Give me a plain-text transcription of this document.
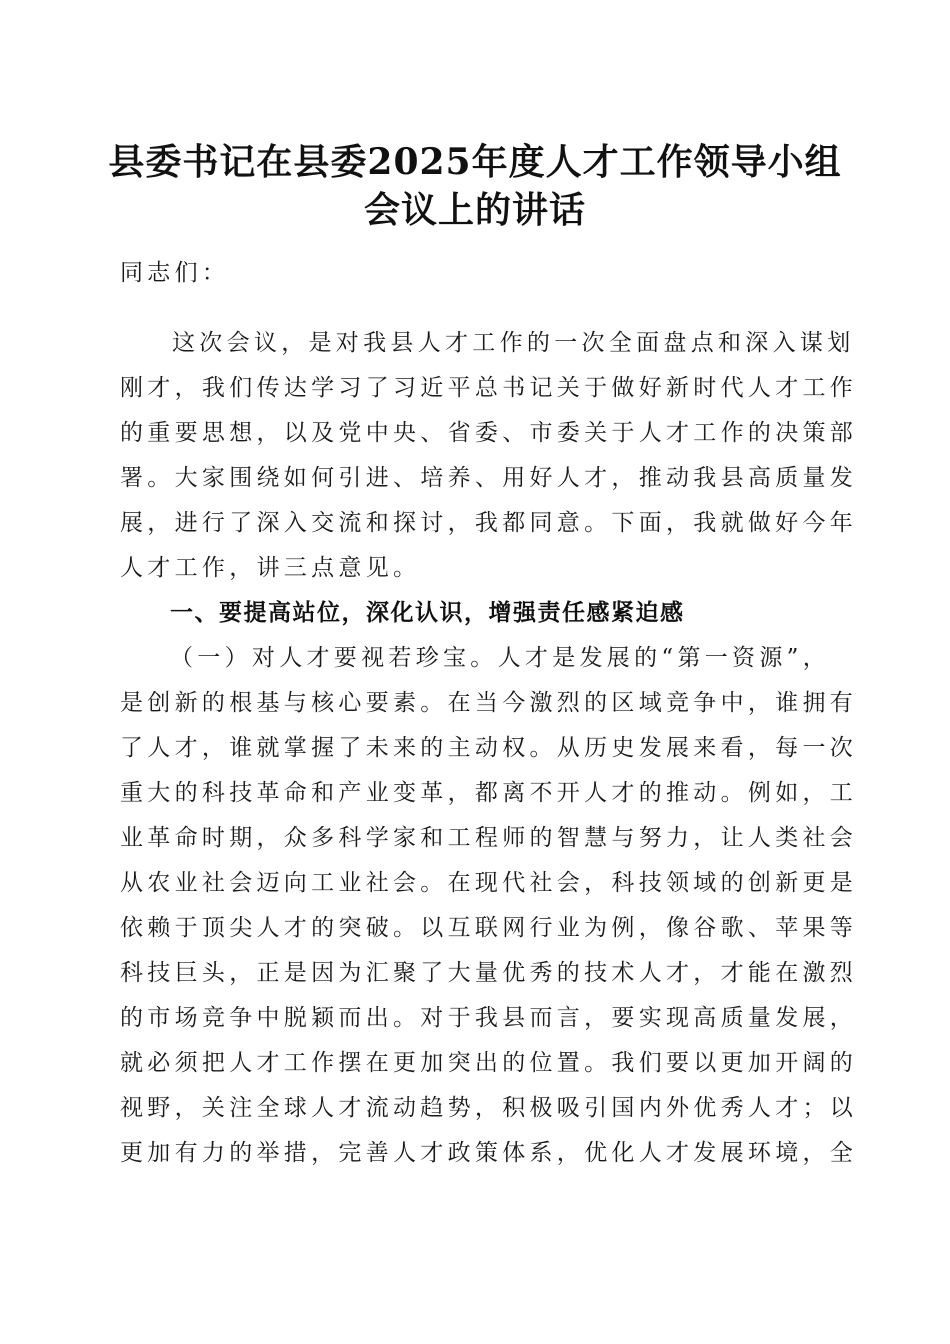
县委书记在县委2025年度人才工作领导小组
会议上的讲话
同志们：
这次会议，是对我县人才工作的一次全面盘点和深入谋划
刚才，我们传达学习了习近平总书记关于做好新时代人才工作
的重要思想，以及党中央、省委、市委关于人才工作的决策部
署。大家围绕如何引进、培养、用好人才，推动我县高质量发
展，进行了深入交流和探讨，我都同意。下面，我就做好今年
人才工作，讲三点意见。
一、要提高站位，深化认识，增强责任感紧迫感
（一）对人才要视若珍宝。人才是发展的“第一资源”，
是创新的根基与核心要素。在当今激烈的区域竞争中，谁拥有
了人才，谁就掌握了未来的主动权。从历史发展来看，每一次
重大的科技革命和产业变革，都离不开人才的推动。例如，工
业革命时期，众多科学家和工程师的智慧与努力，让人类社会
从农业社会迈向工业社会。在现代社会，科技领域的创新更是
依赖于顶尖人才的突破。以互联网行业为例，像谷歌、苹果等
科技巨头，正是因为汇聚了大量优秀的技术人才，才能在激烈
的市场竞争中脱颖而出。对于我县而言，要实现高质量发展，
就必须把人才工作摆在更加突出的位置。我们要以更加开阔的
视野，关注全球人才流动趋势，积极吸引国内外优秀人才；以
更加有力的举措，完善人才政策体系，优化人才发展环境，全
